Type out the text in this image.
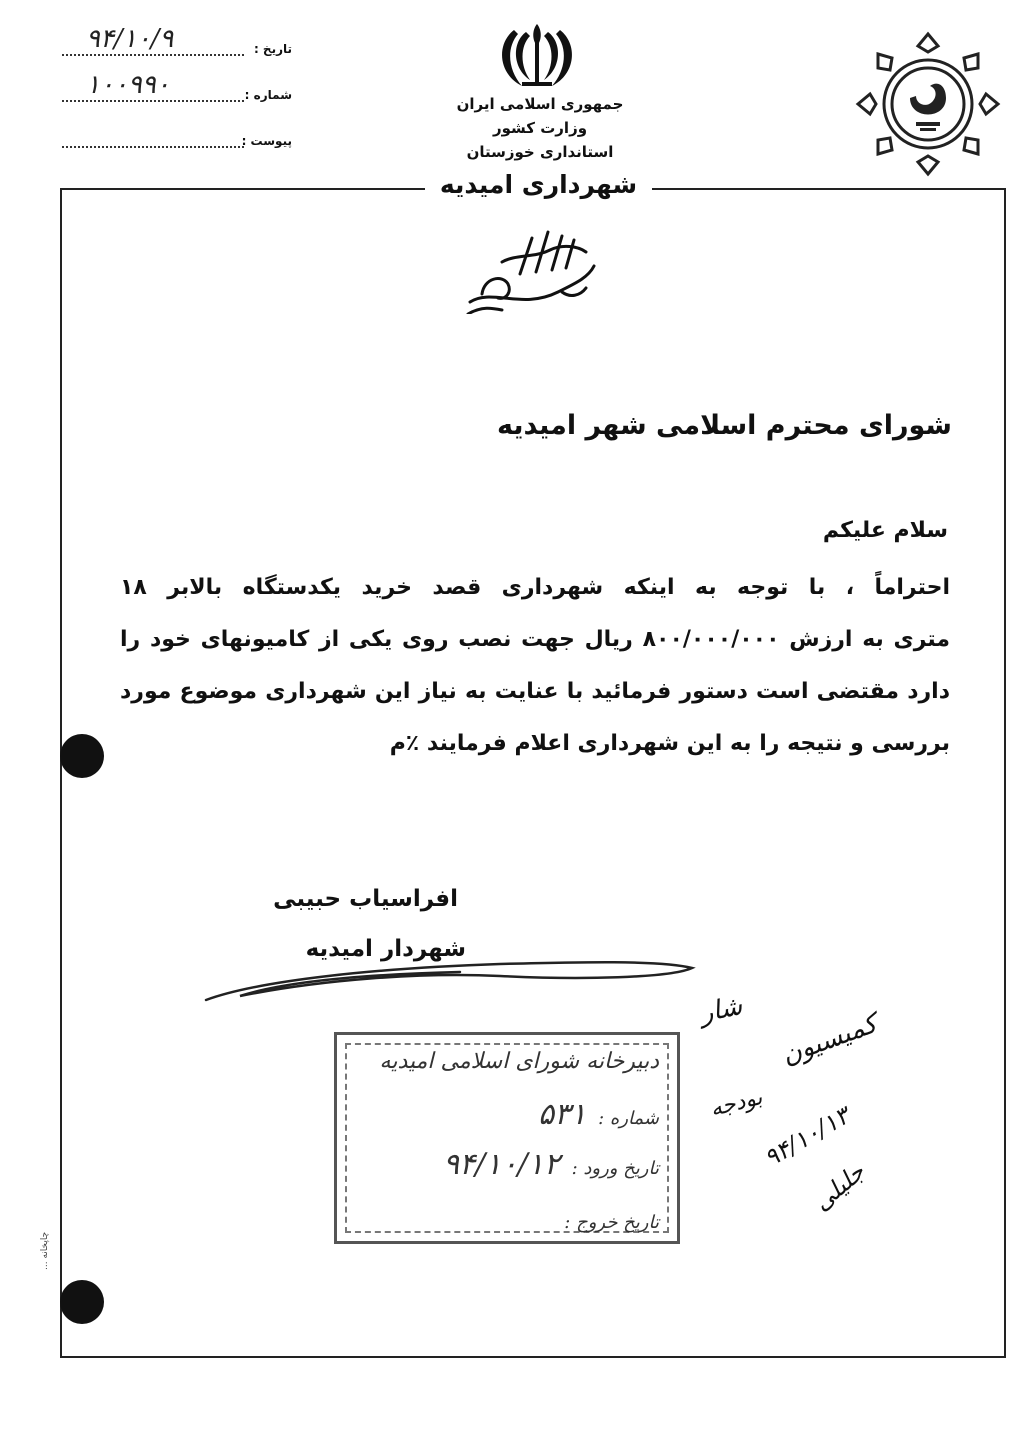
تاریخ :
۹۴/۱۰/۹
شماره :
۱۰۰۹۹۰
پیوست :
جمهوری اسلامی ایران
وزارت کشور
استانداری خوزستان
شهرداری امیدیه
شورای محترم اسلامی شهر امیدیه
سلام علیکم
احتراماً ، با توجه به اینکه شهرداری قصد خرید یکدستگاه بالابر ۱۸
متری به ارزش ۸۰۰/۰۰۰/۰۰۰ ریال جهت نصب روی یکی از کامیونهای خود را
دارد مقتضی است دستور فرمائید با عنایت به نیاز این شهرداری موضوع مورد
بررسی و نتیجه را به این شهرداری اعلام فرمایند ٪م
افراسیاب حبیبی
شهردار امیدیه
دبیرخانه شورای اسلامی امیدیه
شماره : ۵۳۱
تاریخ ورود : ۹۴/۱۰/۱۲
تاریخ خروج :
شار کمیسیون
بودجه
۹۴/۱۰/۱۳
جلیلی
چاپخانه ...
